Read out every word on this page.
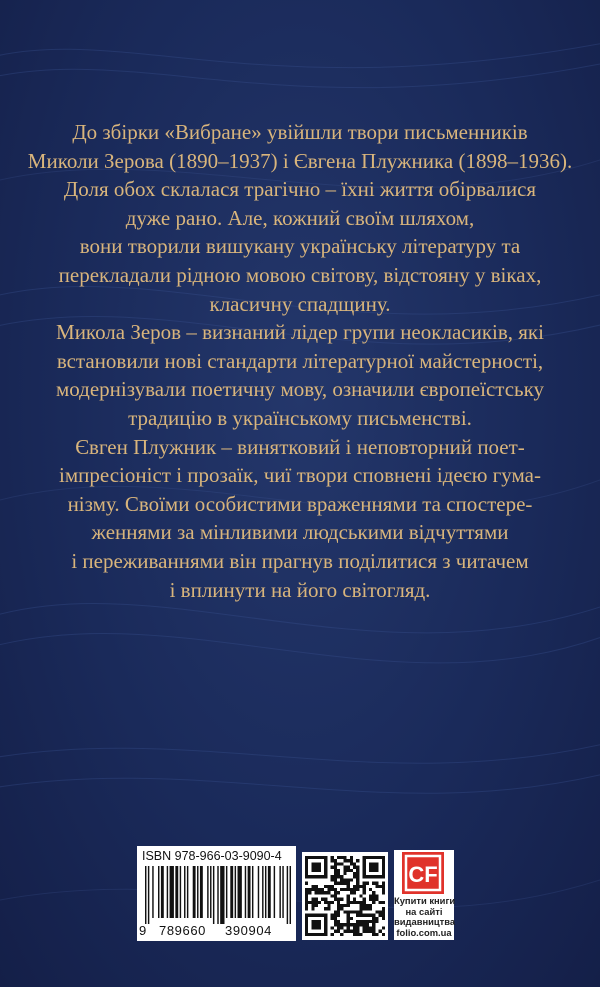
До збірки «Вибране» увійшли твори письменників

Миколи Зерова (1890–1937) і Євгена Плужника (1898–1936).

Доля обох склалася трагічно – їхні життя обірвалися

дуже рано. Але, кожний своїм шляхом,

вони творили вишукану українську літературу та

перекладали рідною мовою світову, відстояну у віках,

класичну спадщину.

Микола Зеров – визнаний лідер групи неокласиків, які

встановили нові стандарти літературної майстерності,

модернізували поетичну мову, означили європеїстську

традицію в українському письменстві.

Євген Плужник – винятковий і неповторний поет-

імпресіоніст і прозаїк, чиї твори сповнені ідеєю гума-

нізму. Своїми особистими враженнями та спостере-

женнями за мінливими людськими відчуттями

і переживаннями він прагнув поділитися з читачем

і вплинути на його світогляд.

ISBN 978-966-03-9090-4
9 789660 390904
CF
Купити книги
на сайті
видавництва
folio.com.ua
